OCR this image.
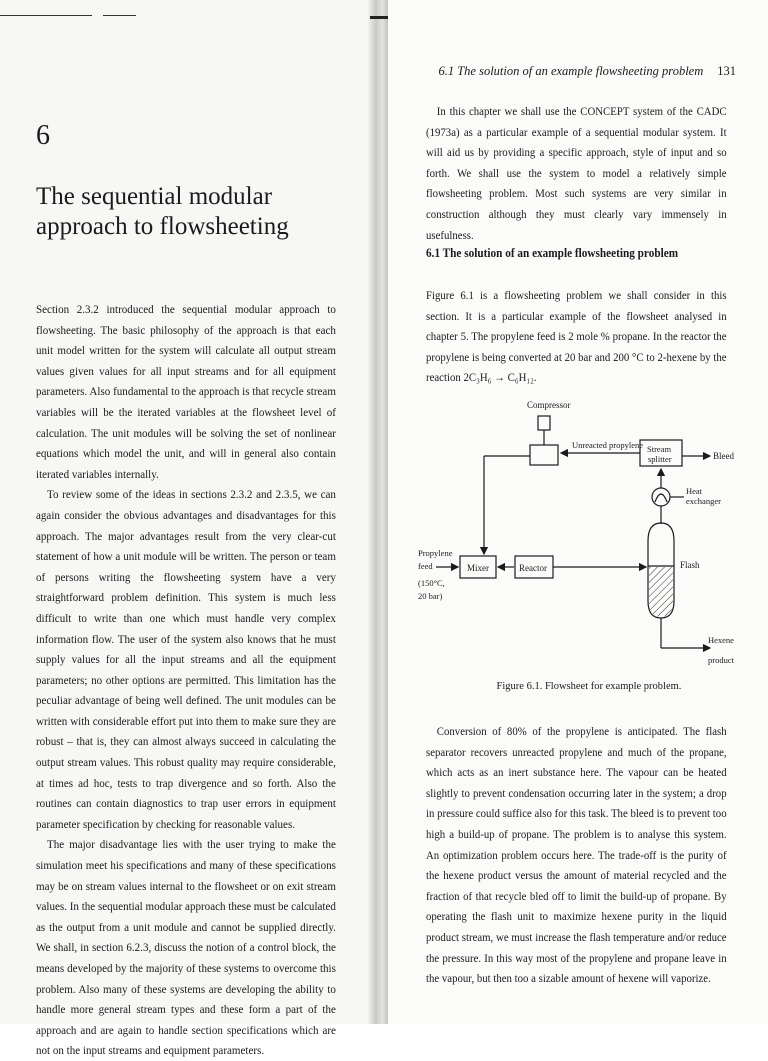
6
The sequential modular approach to flowsheeting

Section 2.3.2 introduced the sequential modular approach to flowsheeting. The basic philosophy of the approach is that each unit model written for the system will calculate all output stream values given values for all input streams and for all equipment parameters. Also fundamental to the approach is that recycle stream variables will be the iterated variables at the flowsheet level of calculation. The unit modules will be solving the set of nonlinear equations which model the unit, and will in general also contain iterated variables internally.

To review some of the ideas in sections 2.3.2 and 2.3.5, we can again consider the obvious advantages and disadvantages for this approach. The major advantages result from the very clear-cut statement of how a unit module will be written. The person or team of persons writing the flowsheeting system have a very straightforward problem definition. This system is much less difficult to write than one which must handle very complex information flow. The user of the system also knows that he must supply values for all the input streams and all the equipment parameters; no other options are permitted. This limitation has the peculiar advantage of being well defined. The unit modules can be written with considerable effort put into them to make sure they are robust – that is, they can almost always succeed in calculating the output stream values. This robust quality may require considerable, at times ad hoc, tests to trap divergence and so forth. Also the routines can contain diagnostics to trap user errors in equipment parameter specification by checking for reasonable values.

The major disadvantage lies with the user trying to make the simulation meet his specifications and many of these specifications may be on stream values internal to the flowsheet or on exit stream values. In the sequential modular approach these must be calculated as the output from a unit module and cannot be supplied directly. We shall, in section 6.2.3, discuss the notion of a control block, the means developed by the majority of these systems to overcome this problem. Also many of these systems are developing the ability to handle more general stream types and these form a part of the approach and are again to handle section specifications which are not on the input streams and equipment parameters.

6.1 The solution of an example flowsheeting problem 131

In this chapter we shall use the CONCEPT system of the CADC (1973a) as a particular example of a sequential modular system. It will aid us by providing a specific approach, style of input and so forth. We shall use the system to model a relatively simple flowsheeting problem. Most such systems are very similar in construction although they must clearly vary immensely in usefulness.

6.1 The solution of an example flowsheeting problem

Figure 6.1 is a flowsheeting problem we shall consider in this section. It is a particular example of the flowsheet analysed in chapter 5. The propylene feed is 2 mole % propane. In the reactor the propylene is being converted at 20 bar and 200 °C to 2-hexene by the reaction 2C₃H₆ → C₆H₁₂.

Compressor
Unreacted propylene Stream
splitter	Bleed
Heat
exchanger
Propylene
feed
(150°C,
20 bar)
Mixer	Reactor	Flash
Hexene
product
Figure 6.1. Flowsheet for example problem.

Conversion of 80% of the propylene is anticipated. The flash separator recovers unreacted propylene and much of the propane, which acts as an inert substance here. The vapour can be heated slightly to prevent condensation occurring later in the system; a drop in pressure could suffice also for this task. The bleed is to prevent too high a build-up of propane. The problem is to analyse this system. An optimization problem occurs here. The trade-off is the purity of the hexene product versus the amount of material recycled and the fraction of that recycle bled off to limit the build-up of propane. By operating the flash unit to maximize hexene purity in the liquid product stream, we must increase the flash temperature and/or reduce the pressure. In this way most of the propylene and propane leave in the vapour, but then too a sizable amount of hexene will vaporize.
